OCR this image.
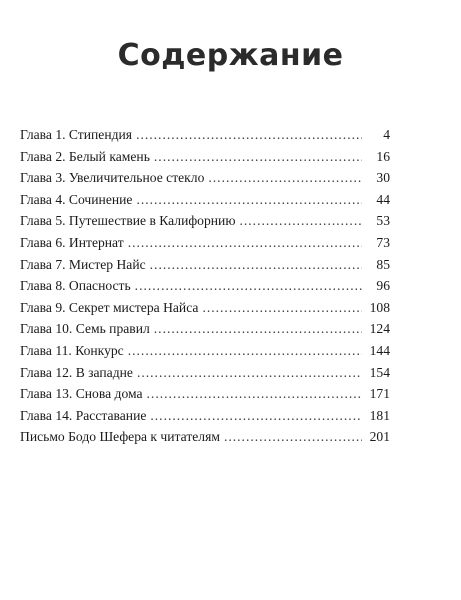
Содержание
Глава 1. Стипендия .....	4
Глава 2. Белый камень .....	16
Глава 3. Увеличительное стекло .....	30
Глава 4. Сочинение .....	44
Глава 5. Путешествие в Калифорнию .....	53
Глава 6. Интернат .....	73
Глава 7. Мистер Найс .....	85
Глава 8. Опасность .....	96
Глава 9. Секрет мистера Найса .....	108
Глава 10. Семь правил .....	124
Глава 11. Конкурс .....	144
Глава 12. В западне .....	154
Глава 13. Снова дома .....	171
Глава 14. Расставание .....	181
Письмо Бодо Шефера к читателям .....	201
